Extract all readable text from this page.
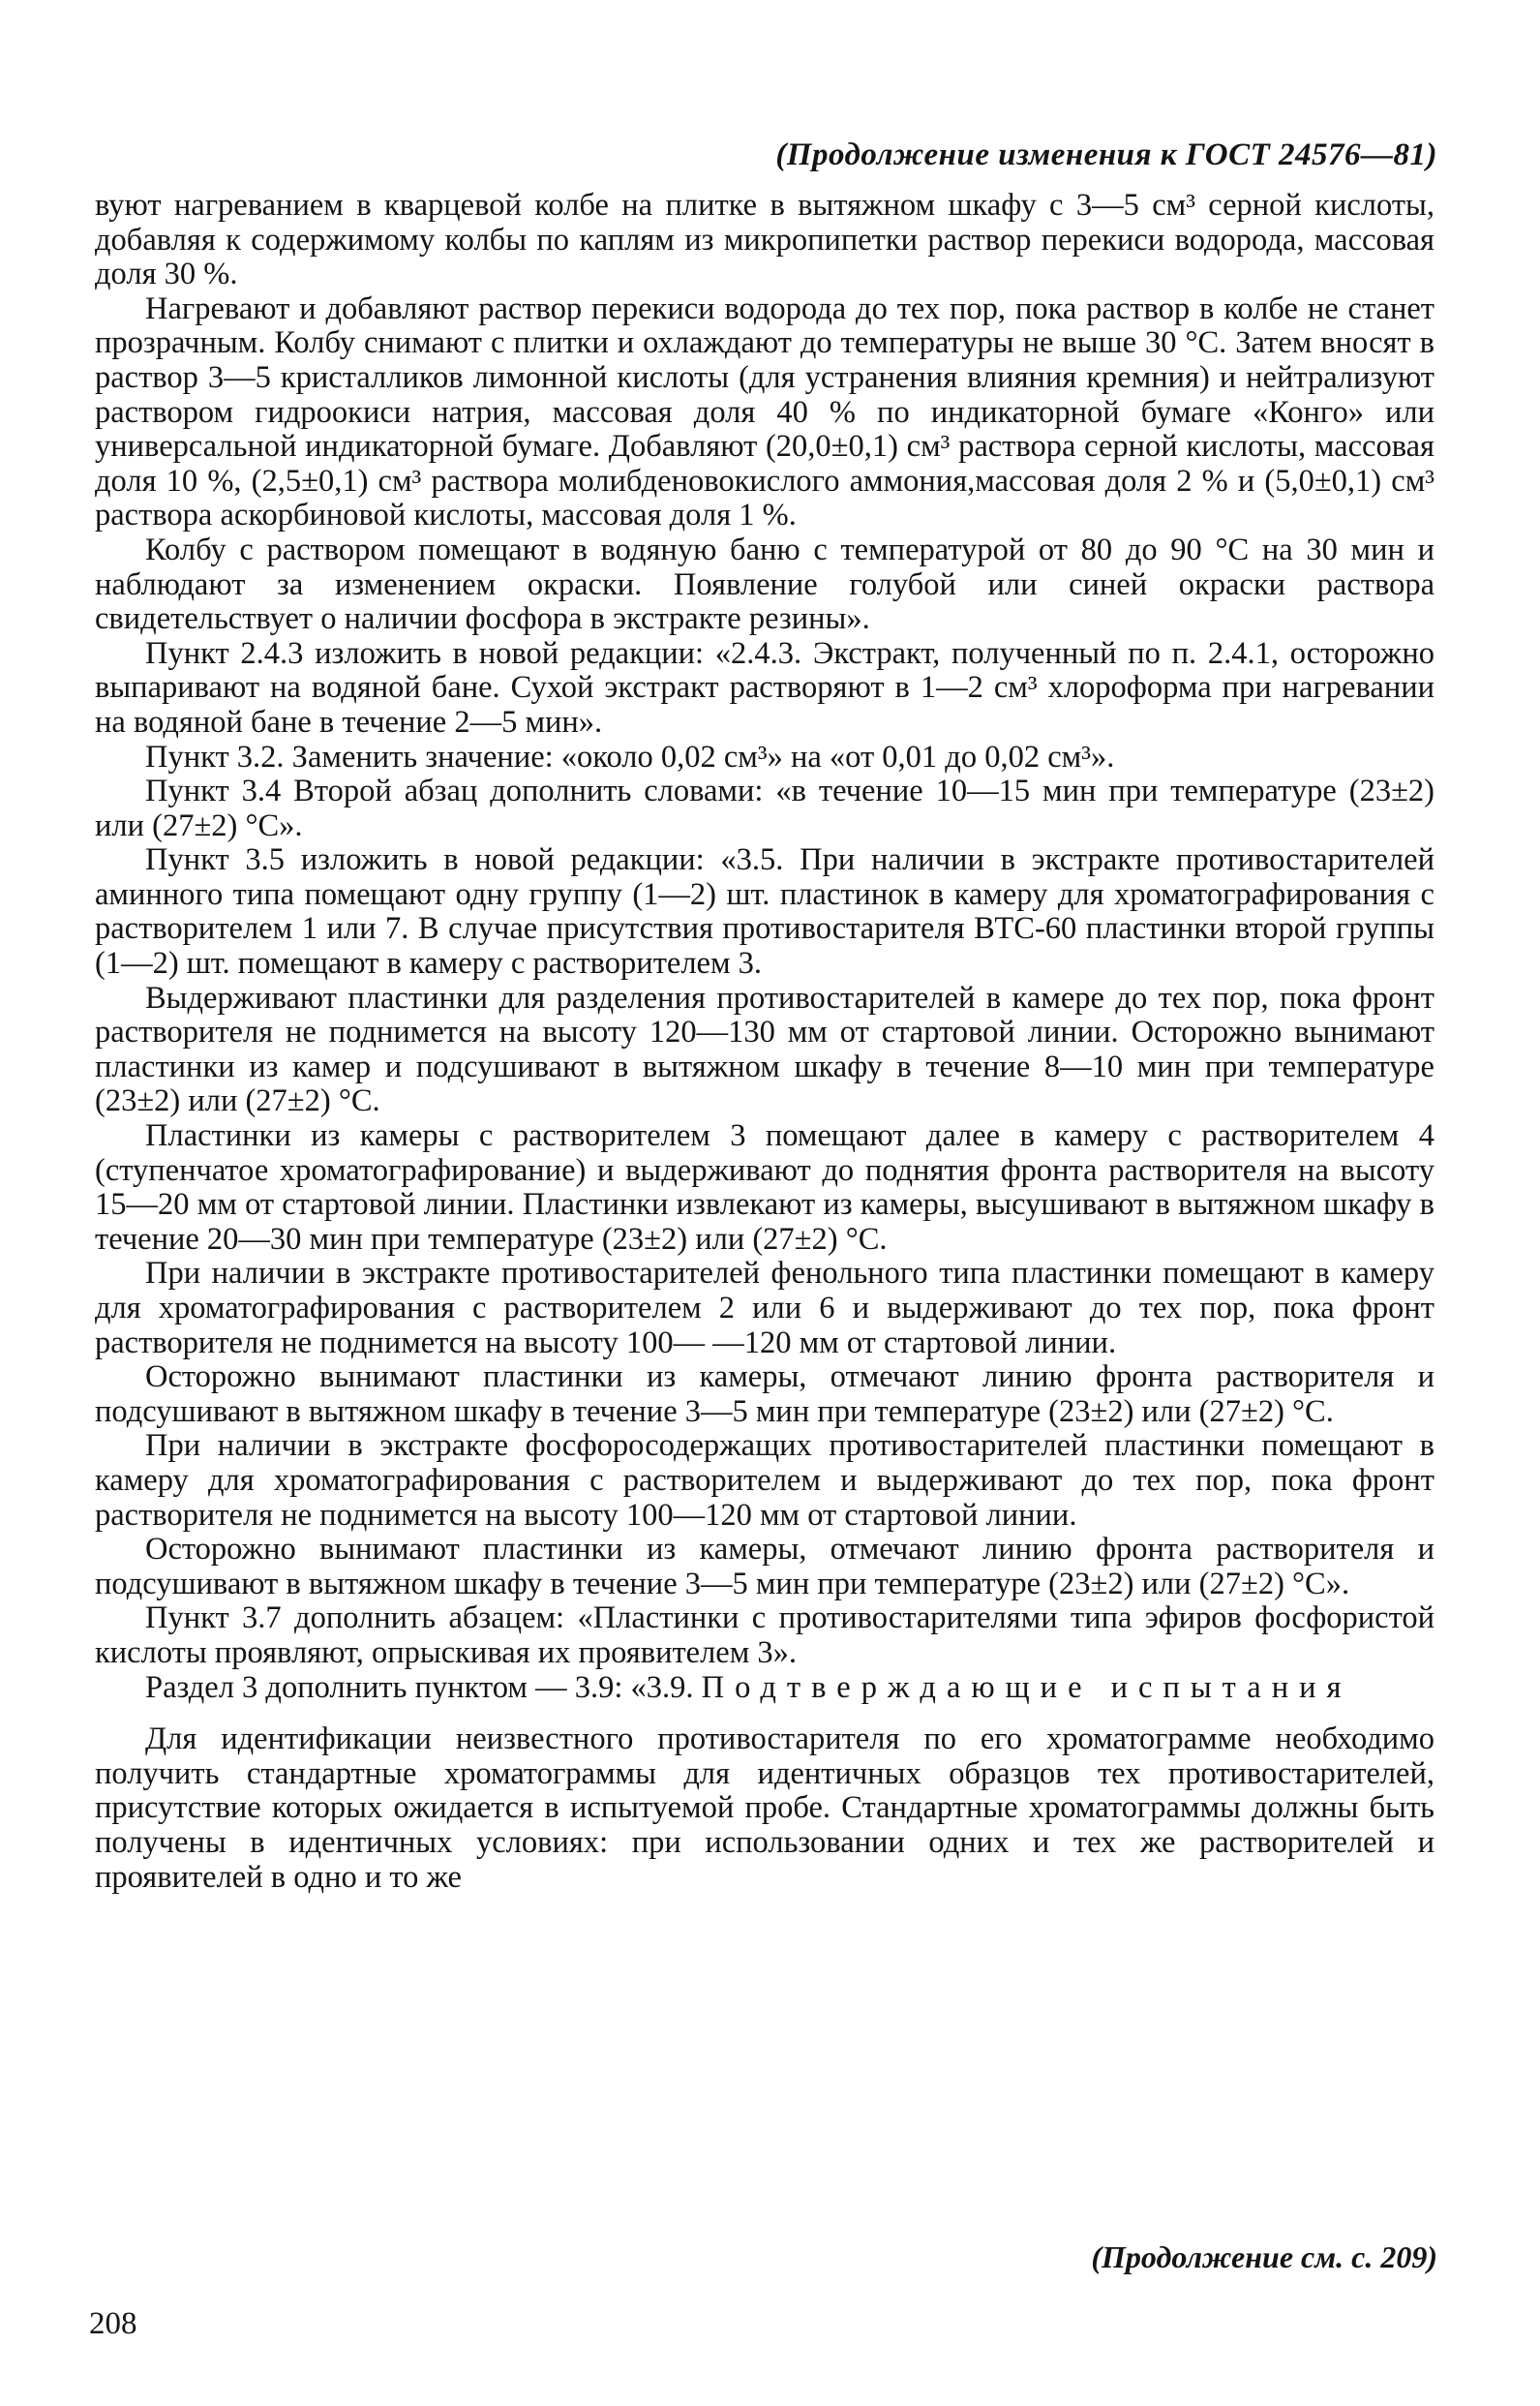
(Продолжение изменения к ГОСТ 24576—81)

вуют нагреванием в кварцевой колбе на плитке в вытяжном шкафу с 3—5 см³ серной кислоты, добавляя к содержимому колбы по каплям из микропипетки раствор перекиси водорода, массовая доля 30 %.

Нагревают и добавляют раствор перекиси водорода до тех пор, пока раствор в колбе не станет прозрачным. Колбу снимают с плитки и охлаждают до температуры не выше 30 °С. Затем вносят в раствор 3—5 кристалликов лимонной кислоты (для устранения влияния кремния) и нейтрализуют раствором гидроокиси натрия, массовая доля 40 % по индикаторной бумаге «Конго» или универсальной индикаторной бумаге. Добавляют (20,0±0,1) см³ раствора серной кислоты, массовая доля 10 %, (2,5±0,1) см³ раствора молибденовокислого аммония,массовая доля 2 % и (5,0±0,1) см³ раствора аскорбиновой кислоты, массовая доля 1 %.

Колбу с раствором помещают в водяную баню с температурой от 80 до 90 °С на 30 мин и наблюдают за изменением окраски. Появление голубой или синей окраски раствора свидетельствует о наличии фосфора в экстракте резины».

Пункт 2.4.3 изложить в новой редакции: «2.4.3. Экстракт, полученный по п. 2.4.1, осторожно выпаривают на водяной бане. Сухой экстракт растворяют в 1—2 см³ хлороформа при нагревании на водяной бане в течение 2—5 мин».

Пункт 3.2. Заменить значение: «около 0,02 см³» на «от 0,01 до 0,02 см³».

Пункт 3.4 Второй абзац дополнить словами: «в течение 10—15 мин при температуре (23±2) или (27±2) °С».

Пункт 3.5 изложить в новой редакции: «3.5. При наличии в экстракте противостарителей аминного типа помещают одну группу (1—2) шт. пластинок в камеру для хроматографирования с растворителем 1 или 7. В случае присутствия противостарителя ВТС-60 пластинки второй группы (1—2) шт. помещают в камеру с растворителем 3.

Выдерживают пластинки для разделения противостарителей в камере до тех пор, пока фронт растворителя не поднимется на высоту 120—130 мм от стартовой линии. Осторожно вынимают пластинки из камер и подсушивают в вытяжном шкафу в течение 8—10 мин при температуре (23±2) или (27±2) °С.

Пластинки из камеры с растворителем 3 помещают далее в камеру с растворителем 4 (ступенчатое хроматографирование) и выдерживают до поднятия фронта растворителя на высоту 15—20 мм от стартовой линии. Пластинки извлекают из камеры, высушивают в вытяжном шкафу в течение 20—30 мин при температуре (23±2) или (27±2) °С.

При наличии в экстракте противостарителей фенольного типа пластинки помещают в камеру для хроматографирования с растворителем 2 или 6 и выдерживают до тех пор, пока фронт растворителя не поднимется на высоту 100— —120 мм от стартовой линии.

Осторожно вынимают пластинки из камеры, отмечают линию фронта растворителя и подсушивают в вытяжном шкафу в течение 3—5 мин при температуре (23±2) или (27±2) °С.

При наличии в экстракте фосфоросодержащих противостарителей пластинки помещают в камеру для хроматографирования с растворителем и выдерживают до тех пор, пока фронт растворителя не поднимется на высоту 100—120 мм от стартовой линии.

Осторожно вынимают пластинки из камеры, отмечают линию фронта растворителя и подсушивают в вытяжном шкафу в течение 3—5 мин при температуре (23±2) или (27±2) °С».

Пункт 3.7 дополнить абзацем: «Пластинки с противостарителями типа эфиров фосфористой кислоты проявляют, опрыскивая их проявителем 3».

Раздел 3 дополнить пунктом — 3.9: «3.9. Подтверждающие испытания

Для идентификации неизвестного противостарителя по его хроматограмме необходимо получить стандартные хроматограммы для идентичных образцов тех противостарителей, присутствие которых ожидается в испытуемой пробе. Стандартные хроматограммы должны быть получены в идентичных условиях: при использовании одних и тех же растворителей и проявителей в одно и то же

(Продолжение см. с. 209)
208
